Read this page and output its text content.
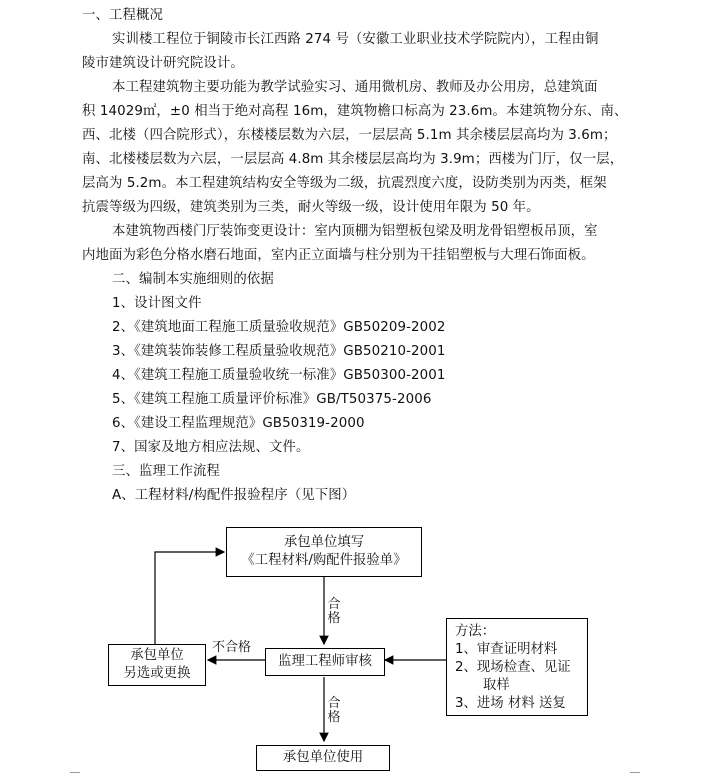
一、工程概况
实训楼工程位于铜陵市长江西路 274 号（安徽工业职业技术学院院内），工程由铜
陵市建筑设计研究院设计。
本工程建筑物主要功能为教学试验实习、通用微机房、教师及办公用房，总建筑面
积 14029㎡，±0 相当于绝对高程 16m，建筑物檐口标高为 23.6m。本建筑物分东、南、
西、北楼（四合院形式），东楼楼层数为六层，一层层高 5.1m 其余楼层层高均为 3.6m；
南、北楼楼层数为六层，一层层高 4.8m 其余楼层层高均为 3.9m；西楼为门厅，仅一层，
层高为 5.2m。本工程建筑结构安全等级为二级，抗震烈度六度，设防类别为丙类，框架
抗震等级为四级，建筑类别为三类，耐火等级一级，设计使用年限为 50 年。
本建筑物西楼门厅装饰变更设计：室内顶棚为铝塑板包梁及明龙骨铝塑板吊顶，室
内地面为彩色分格水磨石地面，室内正立面墙与柱分别为干挂铝塑板与大理石饰面板。
二、编制本实施细则的依据
1、设计图文件
2、《建筑地面工程施工质量验收规范》GB50209-2002
3、《建筑装饰装修工程质量验收规范》GB50210-2001
4、《建筑工程施工质量验收统一标准》GB50300-2001
5、《建筑工程施工质量评价标准》GB/T50375-2006
6、《建设工程监理规范》GB50319-2000
7、国家及地方相应法规、文件。
三、监理工作流程
A、工程材料/构配件报验程序（见下图）
承包单位填写
《工程材料/购配件报验单》
合格
监理工程师审核
不合格
承包单位
另选或更换
合格
承包单位使用
方法：
1、审查证明材料
2、现场检查、见证
取样
3、进场 材料 送复
